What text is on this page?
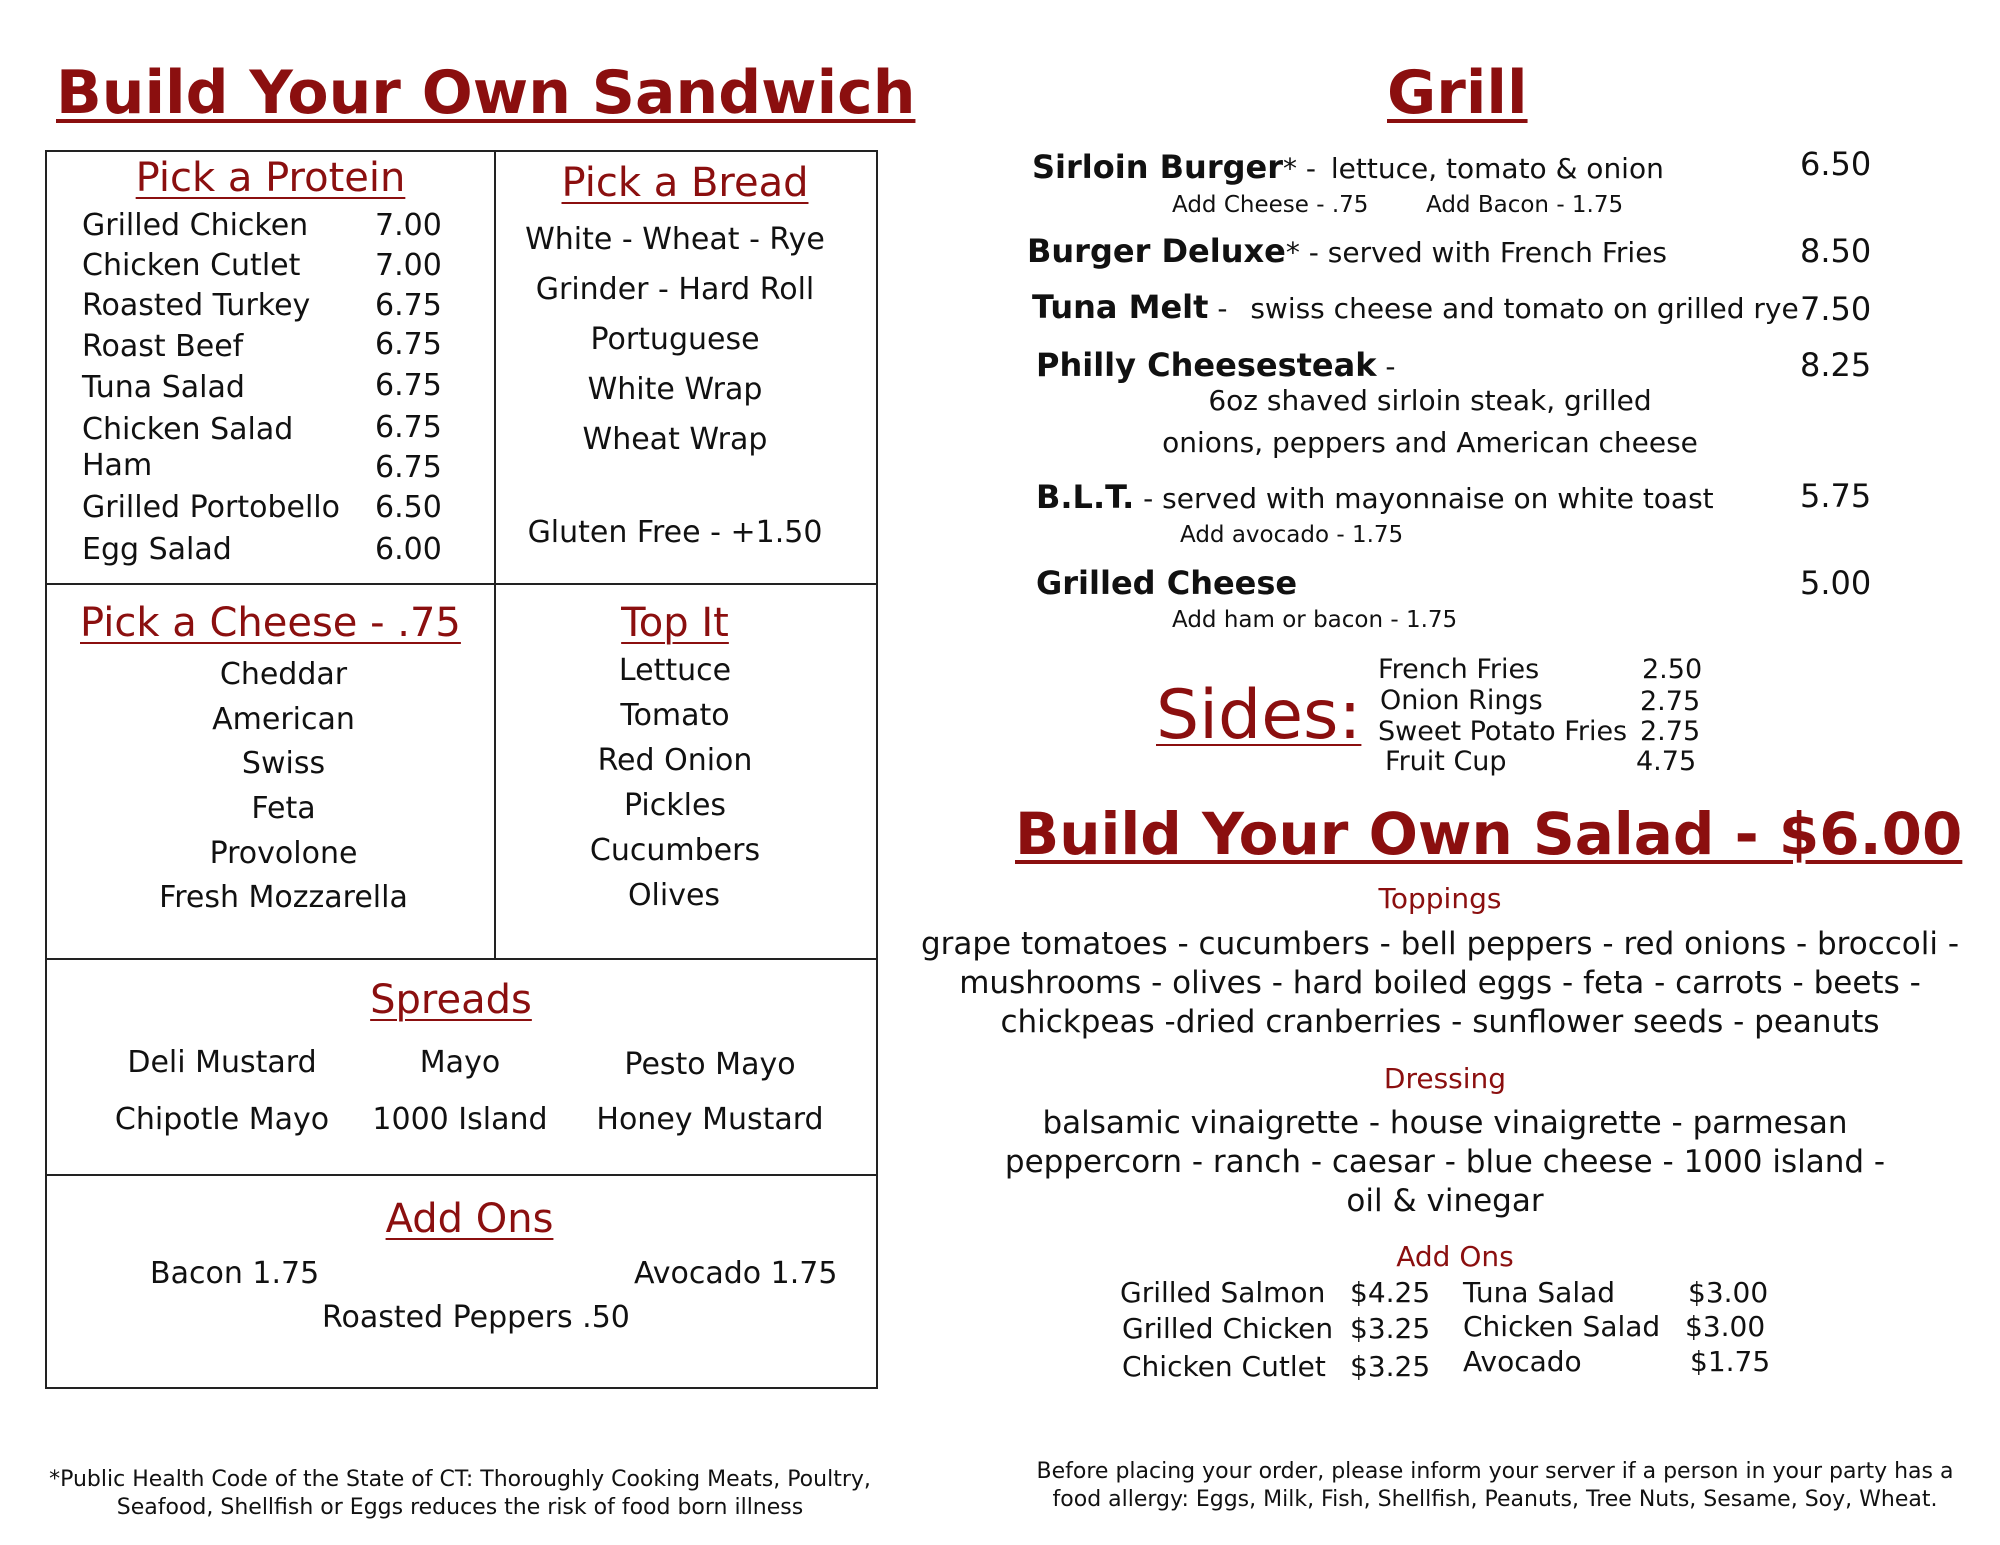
Build Your Own Sandwich
Pick a Protein
Grilled Chicken 7.00
Chicken Cutlet 7.00
Roasted Turkey 6.75
Roast Beef	6.75
Tuna Salad	6.75
Chicken Salad	6.75
Ham	6.75
Grilled Portobello 6.50
Egg Salad	6.00
Pick a Bread
White - Wheat - Rye
Grinder - Hard Roll
Portuguese
White Wrap
Wheat Wrap
Gluten Free - +1.50
Pick a Cheese - .75
Cheddar
American
Swiss
Feta
Provolone
Fresh Mozzarella
Top It
Lettuce
Tomato
Red Onion
Pickles
Cucumbers
Olives
Spreads
Deli Mustard	Mayo	Pesto Mayo
Chipotle Mayo	1000 Island	Honey Mustard
Add Ons
Bacon 1.75	Avocado 1.75
Roasted Peppers .50
*Public Health Code of the State of CT: Thoroughly Cooking Meats, Poultry,
Seafood, Shellfish or Eggs reduces the risk of food born illness
Grill
Sirloin Burger* - lettuce, tomato & onion	6.50
Add Cheese - .75	Add Bacon - 1.75
Burger Deluxe* - served with French Fries	8.50
Tuna Melt - swiss cheese and tomato on grilled rye 7.50
Philly Cheesesteak -	8.25
6oz shaved sirloin steak, grilled
onions, peppers and American cheese
B.L.T. - served with mayonnaise on white toast	5.75
Add avocado - 1.75
Grilled Cheese	5.00
Add ham or bacon - 1.75
Sides:
French Fries	2.50
Onion Rings	2.75
Sweet Potato Fries 2.75
Fruit Cup	4.75
Build Your Own Salad - $6.00
Toppings
grape tomatoes - cucumbers - bell peppers - red onions - broccoli -
mushrooms - olives - hard boiled eggs - feta - carrots - beets -
chickpeas -dried cranberries - sunflower seeds - peanuts
Dressing
balsamic vinaigrette - house vinaigrette - parmesan
peppercorn - ranch - caesar - blue cheese - 1000 island -
oil & vinegar
Add Ons
Grilled Salmon $4.25
Grilled Chicken $3.25
Chicken Cutlet $3.25
Tuna Salad	$3.00
Chicken Salad $3.00
Avocado	$1.75
Before placing your order, please inform your server if a person in your party has a
food allergy: Eggs, Milk, Fish, Shellfish, Peanuts, Tree Nuts, Sesame, Soy, Wheat.
